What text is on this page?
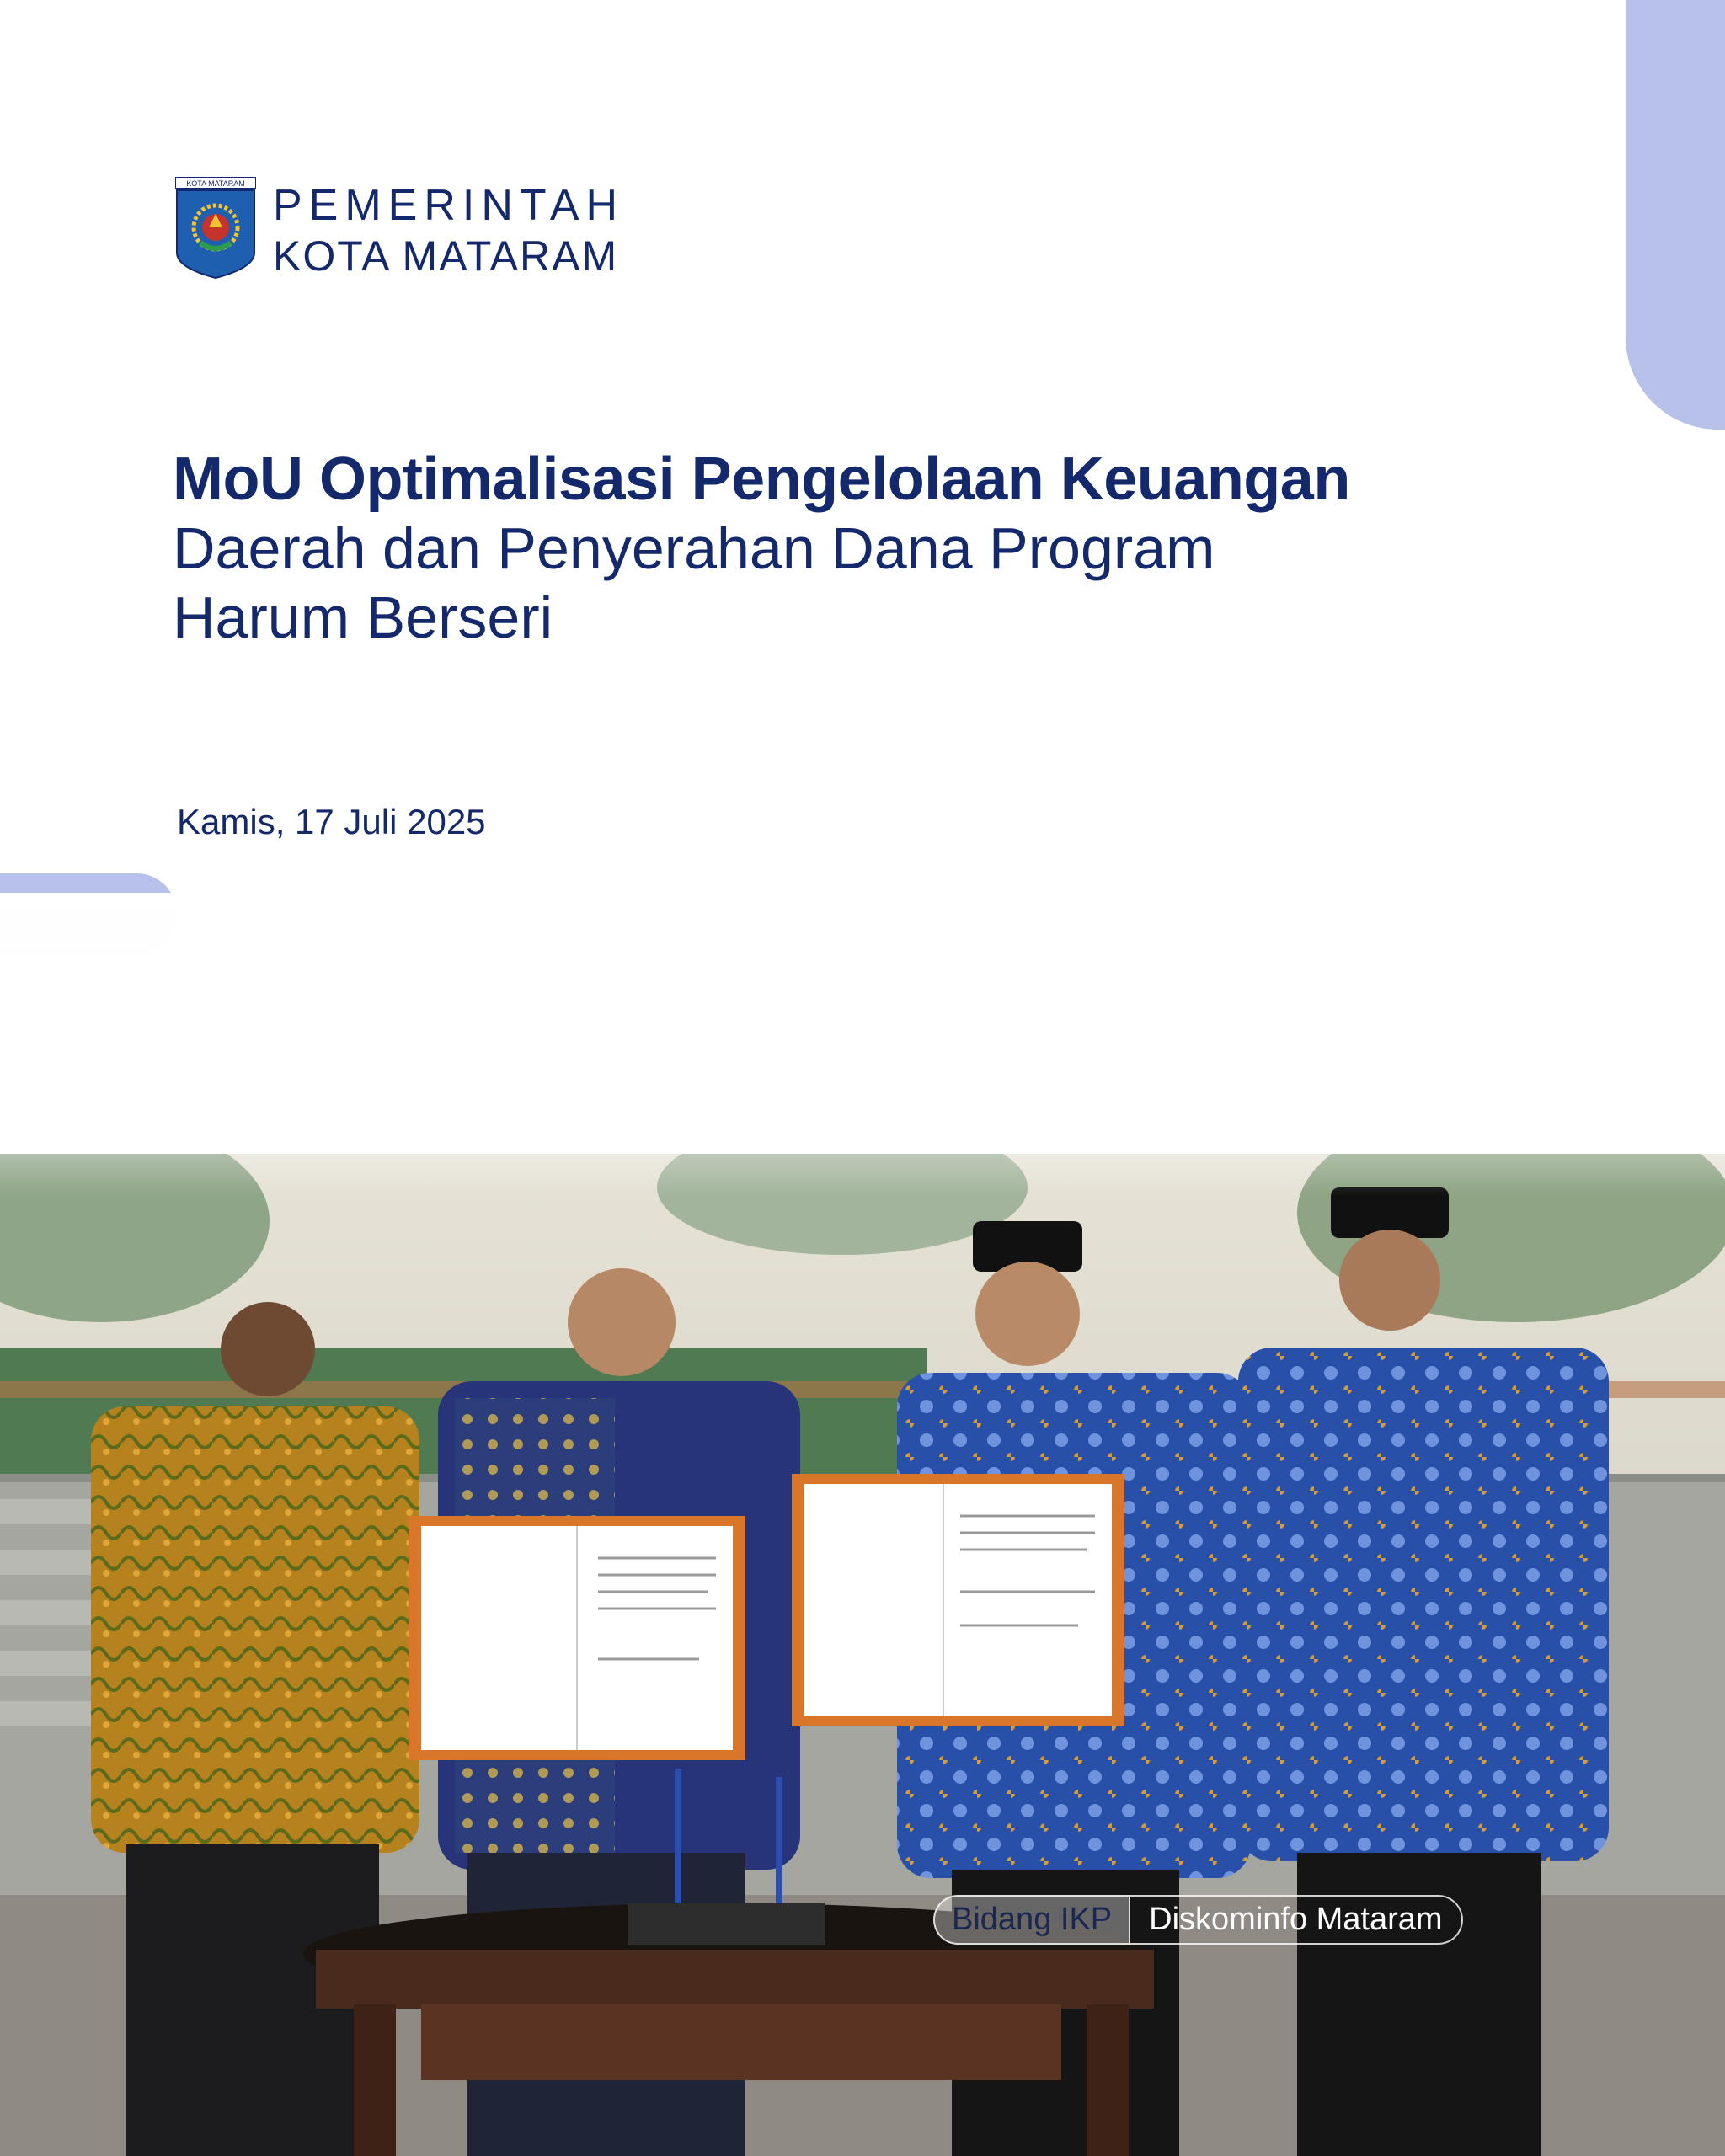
KOTA MATARAM PEMERINTAH
KOTA MATARAM
MoU Optimalisasi Pengelolaan Keuangan
Daerah dan Penyerahan Dana Program
Harum Berseri
Kamis, 17 Juli 2025
Bidang IKP	Diskominfo Mataram
